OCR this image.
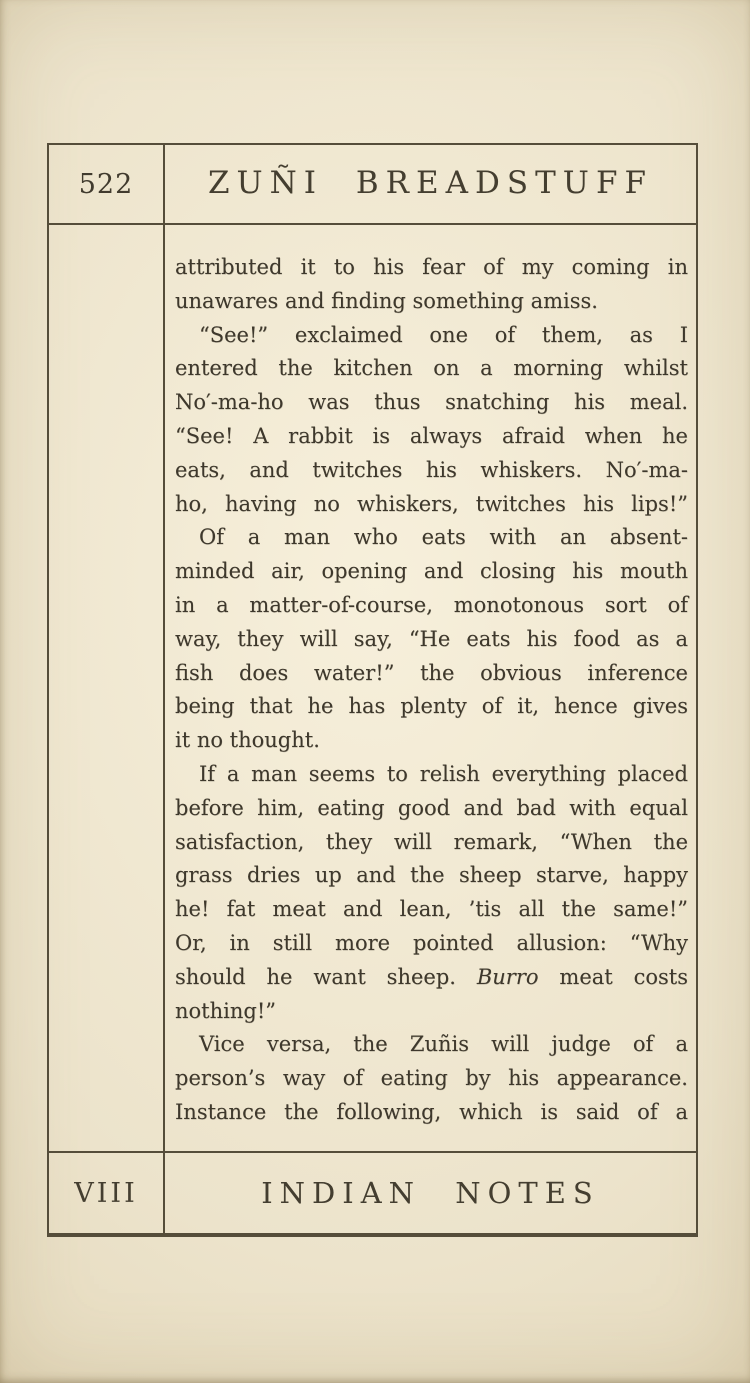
522 ZUÑI BREADSTUFF
attributed it to his fear of my coming in
unawares and finding something amiss.
“See!” exclaimed one of them, as I
entered the kitchen on a morning whilst
No′-ma-ho was thus snatching his meal.
“See! A rabbit is always afraid when he
eats, and twitches his whiskers. No′-ma-
ho, having no whiskers, twitches his lips!”
Of a man who eats with an absent-
minded air, opening and closing his mouth
in a matter-of-course, monotonous sort of
way, they will say, “He eats his food as a
fish does water!” the obvious inference
being that he has plenty of it, hence gives
it no thought.
If a man seems to relish everything placed
before him, eating good and bad with equal
satisfaction, they will remark, “When the
grass dries up and the sheep starve, happy
he! fat meat and lean, ’tis all the same!”
Or, in still more pointed allusion: “Why
should he want sheep. Burro meat costs
nothing!”
Vice versa, the Zuñis will judge of a
person’s way of eating by his appearance.
Instance the following, which is said of a
VIII	INDIAN NOTES
